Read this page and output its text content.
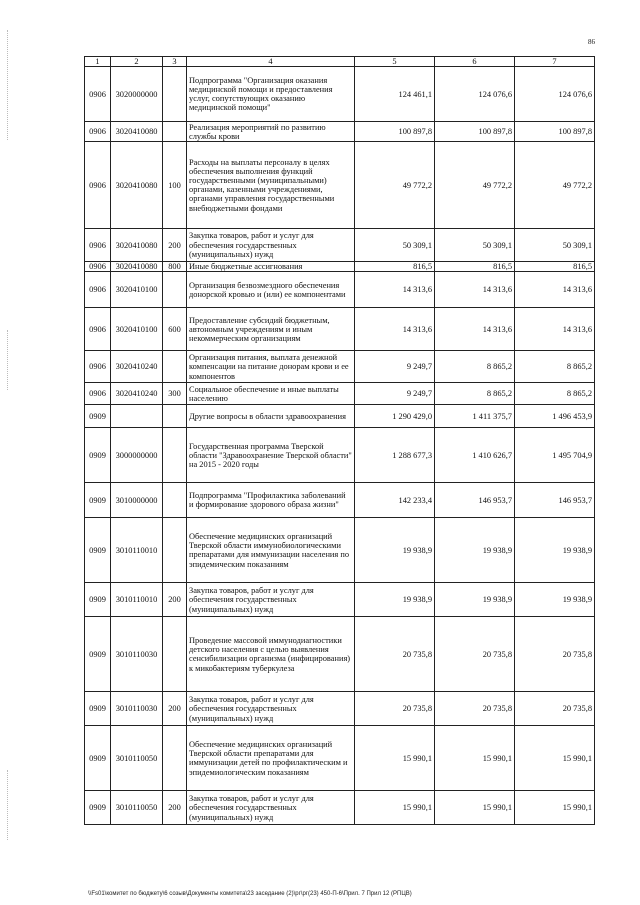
86
1	2	3	4	5	6	7
0906	3020000000		Подпрограмма "Организация оказания медицинской помощи и предоставления услуг, сопутствующих оказанию медицинской помощи"	124 461,1	124 076,6	124 076,6
0906	3020410080		Реализация мероприятий по развитию службы крови	100 897,8	100 897,8	100 897,8
0906	3020410080	100	Расходы на выплаты персоналу в целях обеспечения выполнения функций государственными (муниципальными) органами, казенными учреждениями, органами управления государственными внебюджетными фондами	49 772,2	49 772,2	49 772,2
0906	3020410080	200	Закупка товаров, работ и услуг для обеспечения государственных (муниципальных) нужд	50 309,1	50 309,1	50 309,1
0906	3020410080	800	Иные бюджетные ассигнования	816,5	816,5	816,5
0906	3020410100		Организация безвозмездного обеспечения донорской кровью и (или) ее компонентами	14 313,6	14 313,6	14 313,6
0906	3020410100	600	Предоставление субсидий бюджетным, автономным учреждениям и иным некоммерческим организациям	14 313,6	14 313,6	14 313,6
0906	3020410240		Организация питания, выплата денежной компенсации на питание донорам крови и ее компонентов	9 249,7	8 865,2	8 865,2
0906	3020410240	300	Социальное обеспечение и иные выплаты населению	9 249,7	8 865,2	8 865,2
0909			Другие вопросы в области здравоохранения	1 290 429,0	1 411 375,7	1 496 453,9
0909	3000000000		Государственная программа Тверской области "Здравоохранение Тверской области" на 2015 - 2020 годы	1 288 677,3	1 410 626,7	1 495 704,9
0909	3010000000		Подпрограмма "Профилактика заболеваний и формирование здорового образа жизни"	142 233,4	146 953,7	146 953,7
0909	3010110010		Обеспечение медицинских организаций Тверской области иммунобиологическими препаратами для иммунизации населения по эпидемическим показаниям	19 938,9	19 938,9	19 938,9
0909	3010110010	200	Закупка товаров, работ и услуг для обеспечения государственных (муниципальных) нужд	19 938,9	19 938,9	19 938,9
0909	3010110030		Проведение массовой иммунодиагностики детского населения с целью выявления сенсибилизации организма (инфицирования) к микобактериям туберкулеза	20 735,8	20 735,8	20 735,8
0909	3010110030	200	Закупка товаров, работ и услуг для обеспечения государственных (муниципальных) нужд	20 735,8	20 735,8	20 735,8
0909	3010110050		Обеспечение медицинских организаций Тверской области препаратами для иммунизации детей по профилактическим и эпидемиологическим показаниям	15 990,1	15 990,1	15 990,1
0909	3010110050	200	Закупка товаров, работ и услуг для обеспечения государственных (муниципальных) нужд	15 990,1	15 990,1	15 990,1
\\Fs01\комитет по бюджету\6 созыв\Документы комитета\23 заседание (2)\рг\рг(23) 450-П-6\Прил. 7 Прил 12 (РПЦВ)
